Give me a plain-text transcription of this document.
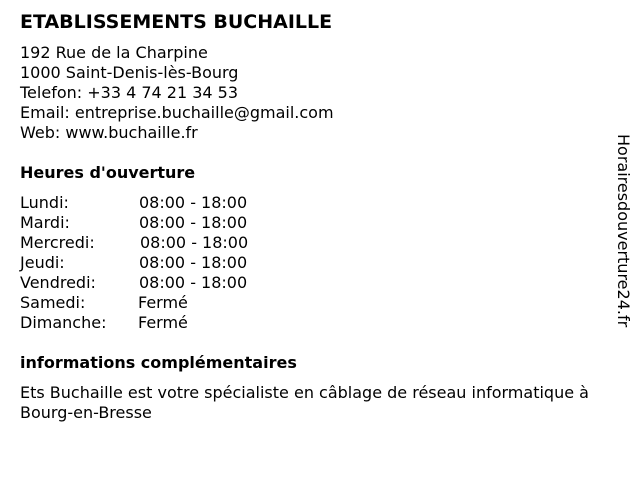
ETABLISSEMENTS BUCHAILLE
192 Rue de la Charpine
1000 Saint-Denis-lès-Bourg
Telefon: +33 4 74 21 34 53
Email: entreprise.buchaille@gmail.com
Web: www.buchaille.fr
Heures d'ouverture
Lundi:	08:00 - 18:00
Mardi:	08:00 - 18:00
Mercredi:	08:00 - 18:00
Jeudi:	08:00 - 18:00
Vendredi:	08:00 - 18:00
Samedi:	Fermé
Dimanche: Fermé
informations complémentaires
Ets Buchaille est votre spécialiste en câblage de réseau informatique à Bourg-en-Bresse
Horairesdouverture24.fr
